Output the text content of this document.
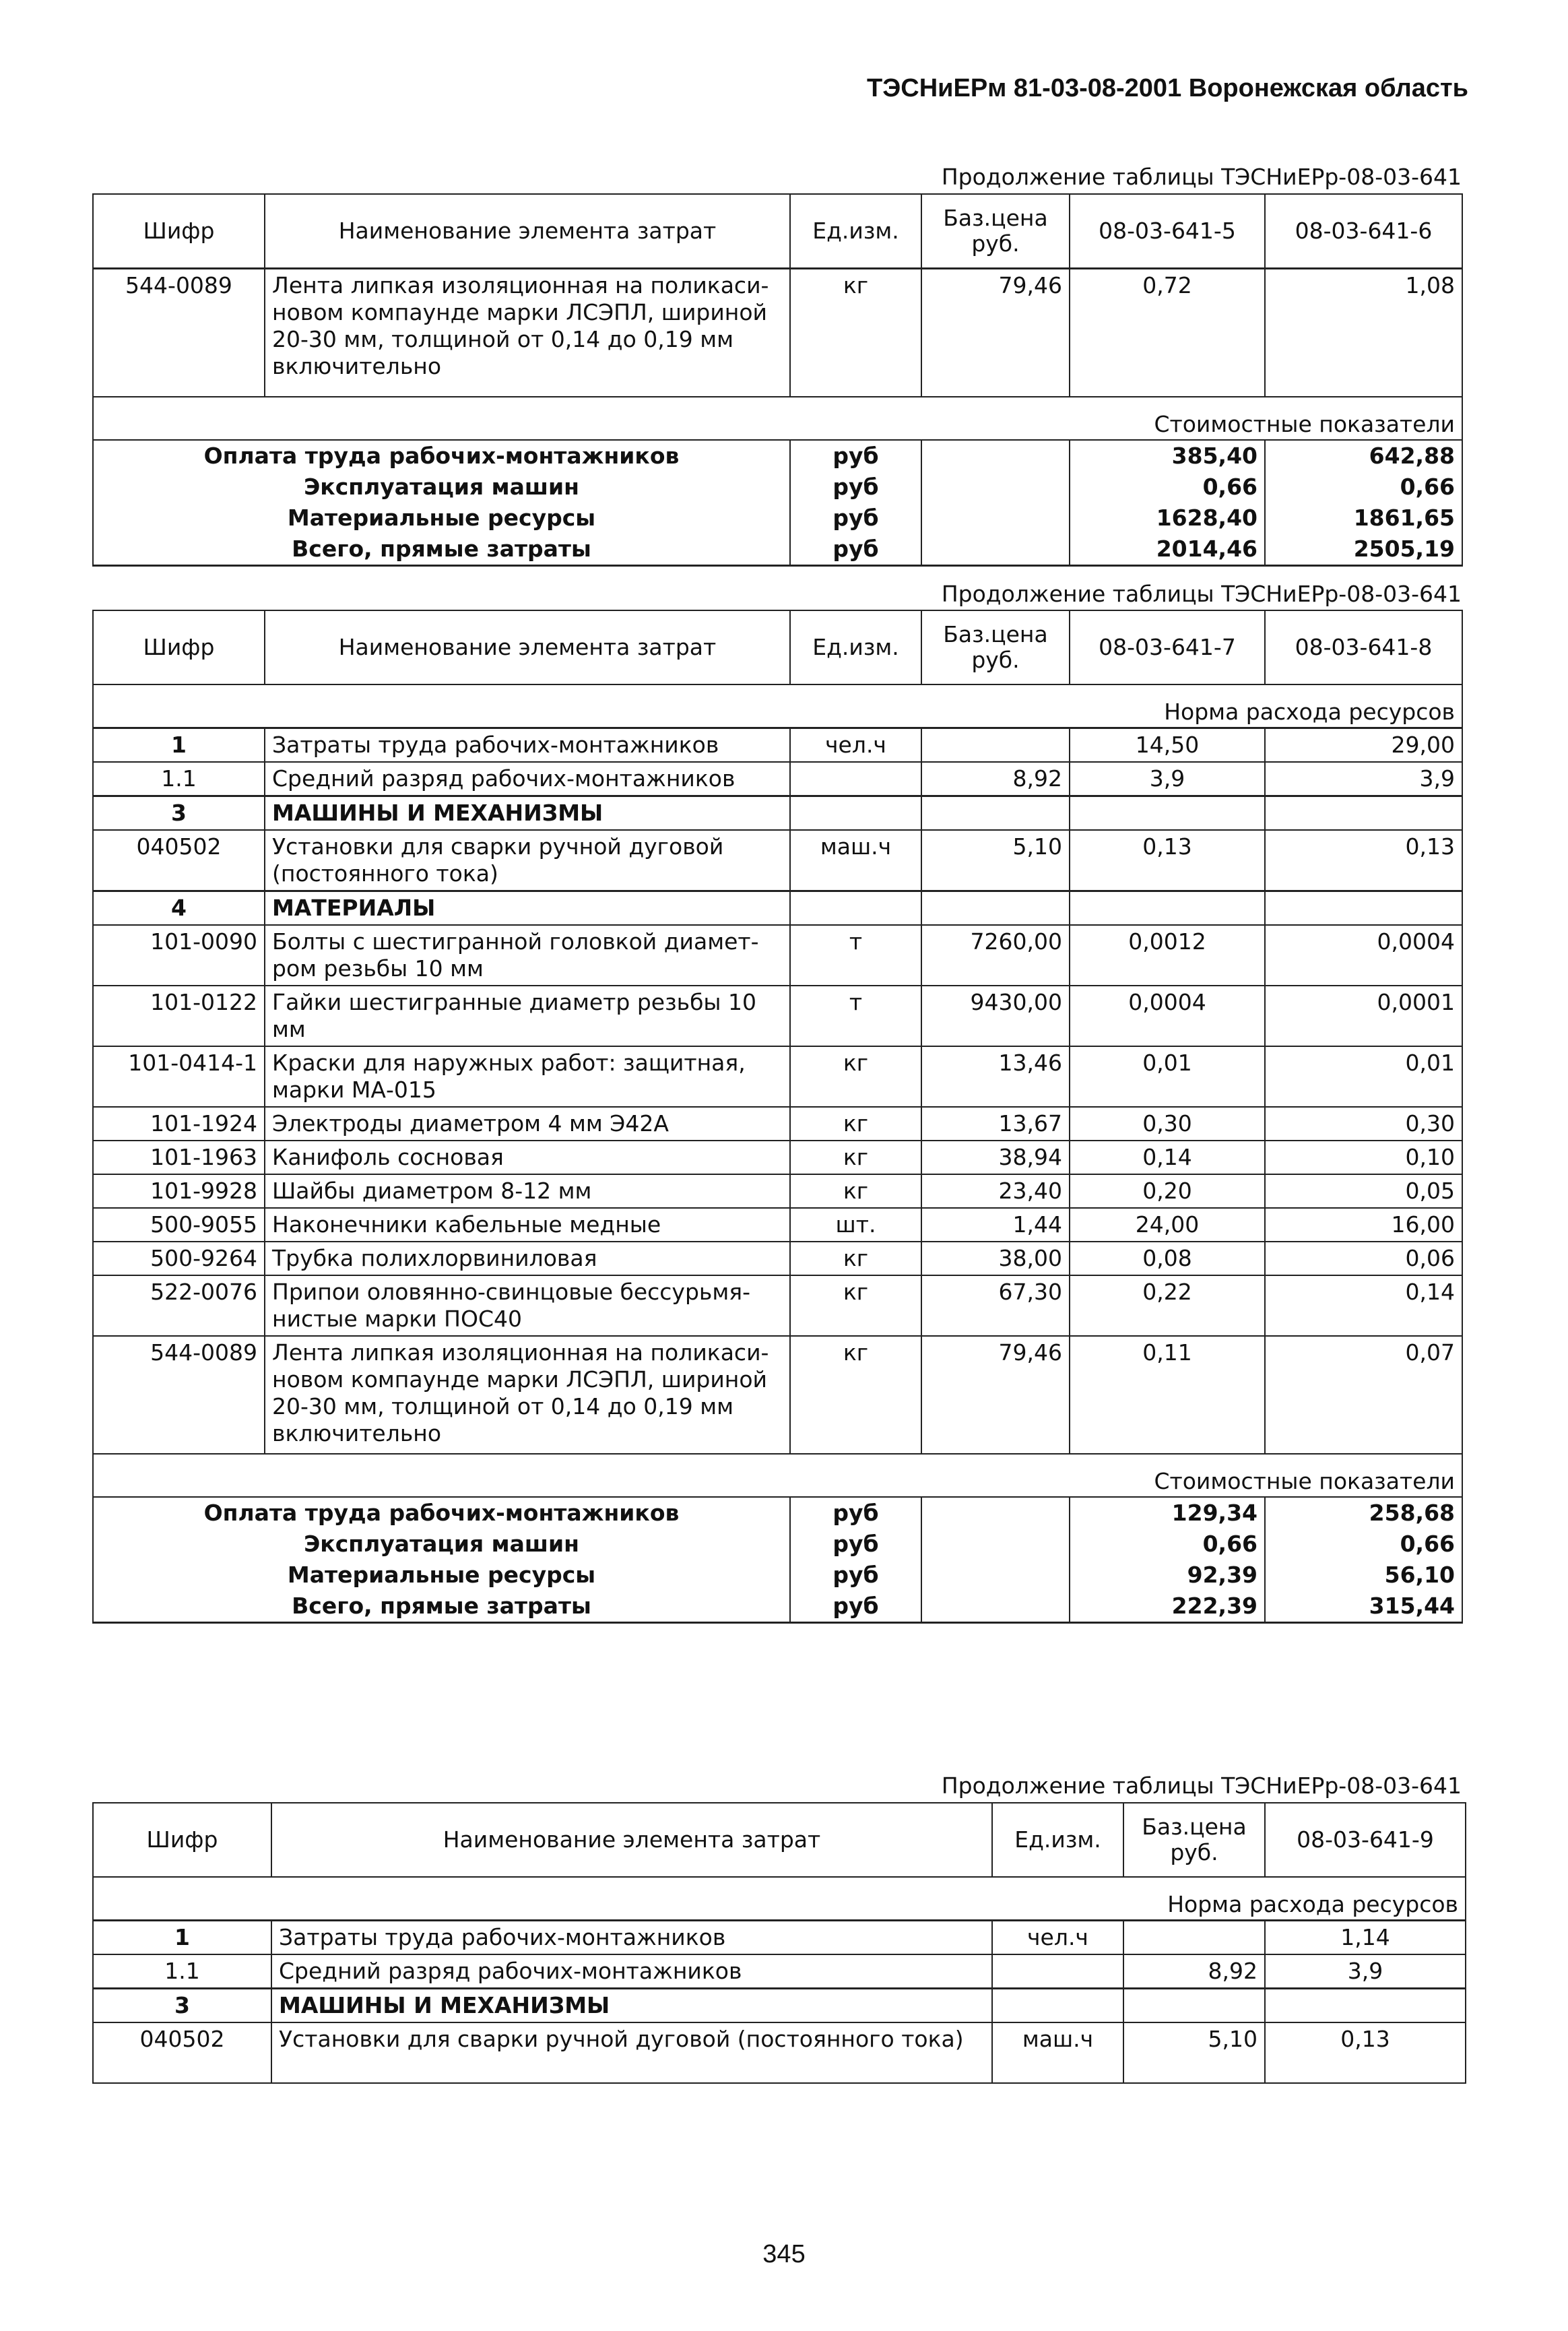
ТЭСНиЕРм 81-03-08-2001 Воронежская область
Продолжение таблицы ТЭСНиЕРр-08-03-641
Шифр	Наименование элемента затрат	Ед.изм.	Баз.цена руб.	08-03-641-5	08-03-641-6
544-0089	Лента липкая изоляционная на поликаси-новом компаунде марки ЛСЭПЛ, шириной 20-30 мм, толщиной от 0,14 до 0,19 мм включительно	кг	79,46	0,72	1,08
Стоимостные показатели					
Оплата труда рабочих-монтажников		руб		385,40	642,88
Эксплуатация машин		руб		0,66	0,66
Материальные ресурсы		руб		1628,40	1861,65
Всего, прямые затраты		руб		2014,46	2505,19
Продолжение таблицы ТЭСНиЕРр-08-03-641
Шифр	Наименование элемента затрат	Ед.изм.	Баз.цена руб.	08-03-641-7	08-03-641-8
Норма расхода ресурсов					
1	Затраты труда рабочих-монтажников	чел.ч		14,50	29,00
1.1	Средний разряд рабочих-монтажников		8,92	3,9	3,9
3	МАШИНЫ И МЕХАНИЗМЫ				
040502	Установки для сварки ручной дуговой (постоянного тока)	маш.ч	5,10	0,13	0,13
4	МАТЕРИАЛЫ				
101-0090	Болты с шестигранной головкой диамет-ром резьбы 10 мм	т	7260,00	0,0012	0,0004
101-0122	Гайки шестигранные диаметр резьбы 10 мм	т	9430,00	0,0004	0,0001
101-0414-1	Краски для наружных работ: защитная, марки МА-015	кг	13,46	0,01	0,01
101-1924	Электроды диаметром 4 мм Э42А	кг	13,67	0,30	0,30
101-1963	Канифоль сосновая	кг	38,94	0,14	0,10
101-9928	Шайбы диаметром 8-12 мм	кг	23,40	0,20	0,05
500-9055	Наконечники кабельные медные	шт.	1,44	24,00	16,00
500-9264	Трубка полихлорвиниловая	кг	38,00	0,08	0,06
522-0076	Припои оловянно-свинцовые бессурьмя-нистые марки ПОС40	кг	67,30	0,22	0,14
544-0089	Лента липкая изоляционная на поликаси-новом компаунде марки ЛСЭПЛ, шириной 20-30 мм, толщиной от 0,14 до 0,19 мм включительно	кг	79,46	0,11	0,07
Стоимостные показатели					
Оплата труда рабочих-монтажников		руб		129,34	258,68
Эксплуатация машин		руб		0,66	0,66
Материальные ресурсы		руб		92,39	56,10
Всего, прямые затраты		руб		222,39	315,44
Продолжение таблицы ТЭСНиЕРр-08-03-641
Шифр	Наименование элемента затрат	Ед.изм.	Баз.цена руб.	08-03-641-9
Норма расхода ресурсов				
1	Затраты труда рабочих-монтажников	чел.ч		1,14
1.1	Средний разряд рабочих-монтажников		8,92	3,9
3	МАШИНЫ И МЕХАНИЗМЫ			
040502	Установки для сварки ручной дуговой (постоянного тока)	маш.ч	5,10	0,13
345
